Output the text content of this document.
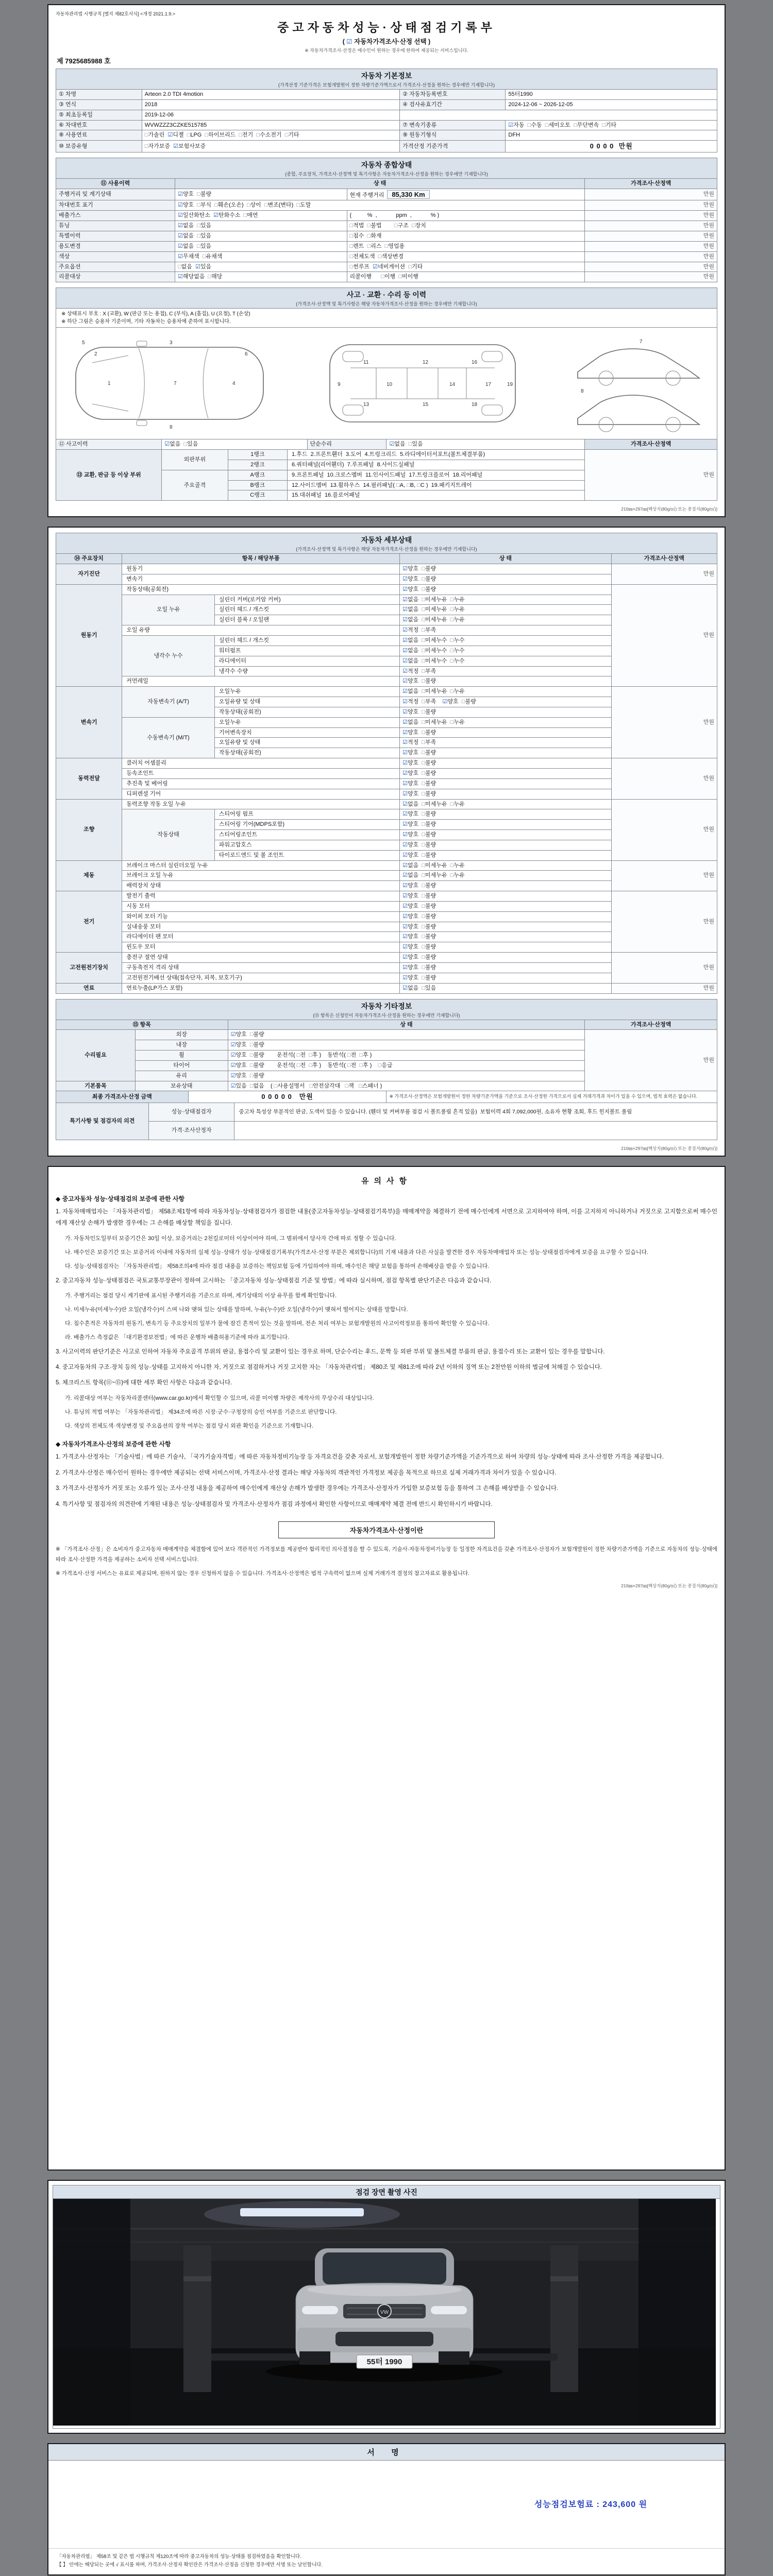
자동차관리법 시행규칙 [별지 제82호서식] <개정 2021.1.9.>
중고자동차성능·상태점검기록부
( ☑ 자동차가격조사·산정 선택 )
※ 자동차가격조사·산정은 매수인이 원하는 경우에 한하여 제공되는 서비스입니다.
제 7925685988 호
자동차 기본정보
(가격산정 기준가격은 보험개발원이 정한 차량기준가액으로서 가격조사·산정을 원하는 경우에만 기재합니다)
① 차명	Arteon 2.0 TDI 4motion	② 자동차등록번호	55터1990
③ 연식	2018	④ 검사유효기간	2024-12-06 ~ 2026-12-05
⑤ 최초등록일	2019-12-06		
⑥ 차대번호	WVWZZZ3CZKE515785	⑦ 변속기종류	☑자동  □수동  □세미오토  □무단변속  □기타
⑧ 사용연료	□가솔린  ☑디젤  □LPG  □하이브리드  □전기  □수소전기  □기타	⑨ 원동기형식	DFH
⑩ 보증유형	□자가보증  ☑보험사보증	가격산정 기준가격	0 0 0 0  만원
자동차 종합상태
(종합, 주요장치, 가격조사·산정액 및 특기사항은 자동차가격조사·산정을 원하는 경우에만 기재합니다)
⑪ 사용이력	상 태		가격조사·산정액
주행거리 및 계기상태	☑양호  □불량	현재 주행거리 85,330 Km	만원
차대번호 표기	☑양호  □부식  □훼손(오손)  □상이  □변조(변타)  □도말		만원
배출가스	☑일산화탄소  ☑탄화수소  □매연	(          %  ,            ppm  ,            % )	만원
튜닝	☑없음  □있음	□적법  □불법        □구조  □장치	만원
특별이력	☑없음  □있음	□침수  □화재	만원
용도변경	☑없음  □있음	□렌트  □리스  □영업용	만원
색상	☑무채색  □유채색	□전체도색  □색상변경	만원
주요옵션	□없음  ☑있음	□썬루프  ☑네비게이션  □기타	만원
리콜대상	☑해당없음  □해당	리콜이행      □이행  □미이행	만원
사고 · 교환 · 수리 등 이력
(가격조사·산정액 및 특기사항은 해당 자동차가격조사·산정을 원하는 경우에만 기재합니다)
※ 상태표시 부호 : X (교환), W (판금 또는 용접), C (부식), A (흠집), U (요철), T (손상)
※ 하단 그림은 승용차 기준이며, 기타 자동차는 승용차에 준하여 표시합니다.
1
2
3
4
5
6
7
8
9	10
11	12
13
14
15
16
17
18
19
7
8
⑫ 사고이력	☑없음  □있음	단순수리	☑없음  □있음	가격조사·산정액
⑬ 교환, 판금 등 이상 부위	외판부위	1랭크	1.후드  2.프론트휀더  3.도어  4.트렁크리드  5.라디에이터서포트(볼트체결부품)	만원
		2랭크	6.쿼터패널(리어휀더)  7.루프패널  8.사이드실패널	
	주요골격	A랭크	9.프론트패널  10.크로스멤버  11.인사이드패널  17.트렁크플로어  18.리어패널	
		B랭크	12.사이드멤버  13.휠하우스  14.필러패널( □A, □B, □C )  19.패키지트레이	
		C랭크	15.대쉬패널  16.플로어패널	
210㎜×297㎜[백상지(80g/㎡) 또는 중질지(80g/㎡)]
자동차 세부상태
(가격조사·산정액 및 특기사항은 해당 자동차가격조사·산정을 원하는 경우에만 기재합니다)
⑭ 주요장치	항목 / 해당부품		상 태	가격조사·산정액
자기진단	원동기		☑양호  □불량	만원
	변속기		☑양호  □불량	
원동기	작동상태(공회전)		☑양호  □불량	만원
	오일 누유	실린더 커버(로커암 커버)	☑없음  □미세누유  □누유	
		실린더 헤드 / 개스킷	☑없음  □미세누유  □누유	
		실린더 블록 / 오일팬	☑없음  □미세누유  □누유	
	오일 유량		☑적정  □부족	
	냉각수 누수	실린더 헤드 / 개스킷	☑없음  □미세누수  □누수	
		워터펌프	☑없음  □미세누수  □누수	
		라디에이터	☑없음  □미세누수  □누수	
		냉각수 수량	☑적정  □부족	
	커먼레일		☑양호  □불량	
변속기	자동변속기 (A/T)	오일누유	☑없음  □미세누유  □누유	만원
		오일유량 및 상태	☑적정  □부족    ☑양호  □불량	
		작동상태(공회전)	☑양호  □불량	
	수동변속기 (M/T)	오일누유	☑없음  □미세누유  □누유	
		기어변속장치	☑양호  □불량	
		오일유량 및 상태	☑적정  □부족	
		작동상태(공회전)	☑양호  □불량	
동력전달	클러치 어셈블리		☑양호  □불량	만원
	등속조인트		☑양호  □불량	
	추진축 및 베어링		☑양호  □불량	
	디퍼렌셜 기어		☑양호  □불량	
조향	동력조향 작동 오일 누유		☑없음  □미세누유  □누유	만원
	작동상태	스티어링 펌프	☑양호  □불량	
		스티어링 기어(MDPS포함)	☑양호  □불량	
		스티어링조인트	☑양호  □불량	
		파워고압호스	☑양호  □불량	
		타이로드엔드 및 볼 조인트	☑양호  □불량	
제동	브레이크 마스터 실린더오일 누유		☑없음  □미세누유  □누유	만원
	브레이크 오일 누유		☑없음  □미세누유  □누유	
	배력장치 상태		☑양호  □불량	
전기	발전기 출력		☑양호  □불량	만원
	시동 모터		☑양호  □불량	
	와이퍼 모터 기능		☑양호  □불량	
	실내송풍 모터		☑양호  □불량	
	라디에이터 팬 모터		☑양호  □불량	
	윈도우 모터		☑양호  □불량	
고전원전기장치	충전구 절연 상태		☑양호  □불량	만원
	구동축전지 격리 상태		☑양호  □불량	
	고전원전기배선 상태(접속단자, 피복, 보호기구)		☑양호  □불량	
연료	연료누출(LP가스 포함)		☑없음  □있음	만원
자동차 기타정보
(⑮ 항목은 신청인이 자동차가격조사·산정을 원하는 경우에만 기재합니다)
⑮ 항목		상 태	가격조사·산정액
수리필요	외장	☑양호  □불량	만원
	내장	☑양호  □불량	
	휠	☑양호  □불량        운전석( □전  □후 )    동반석( □전  □후 )	
	타이어	☑양호  □불량        운전석( □전  □후 )    동반석( □전  □후 )    □응급	
	유리	☑양호  □불량	
기본품목	보유상태	☑있음  □없음    ( □사용설명서   □안전삼각대   □잭   □스패너 )	
최종 가격조사·산정 금액	0 0 0 0 0   만원	※ 가격조사·산정액은 보험개발원이 정한 차량기준가액을 기준으로 조사·산정한 가격으로서 실제 거래가격과 차이가 있을 수 있으며, 법적 효력은 없습니다.
특기사항 및 점검자의 의견	성능·상태점검자	중고차 특성상 부분적인 판금, 도색이 있을 수 있습니다. (휀더 및 커버부품 점검 시 볼트풀림 흔적 있음)  보험이력 4회 7,092,000원, 소유자 현황 조회, 후드 힌지볼트 풀림
	가격·조사산정자	
210㎜×297㎜[백상지(80g/㎡) 또는 중질지(80g/㎡)]
유의사항
◆ 중고자동차 성능·상태점검의 보증에 관한 사항
1. 자동차매매업자는 「자동차관리법」 제58조제1항에 따라 자동차성능·상태점검자가 점검한 내용(중고자동차성능·상태점검기록부)을 매매계약을 체결하기 전에 매수인에게 서면으로 고지하여야 하며, 이를 고지하지 아니하거나 거짓으로 고지함으로써 매수인에게 재산상 손해가 발생한 경우에는 그 손해를 배상할 책임을 집니다.
가. 자동차인도일부터 보증기간은 30일 이상, 보증거리는 2천킬로미터 이상이어야 하며, 그 범위에서 당사자 간에 따로 정할 수 있습니다.
나. 매수인은 보증기간 또는 보증거리 이내에 자동차의 실제 성능·상태가 성능·상태점검기록부(가격조사·산정 부분은 제외합니다)의 기재 내용과 다른 사실을 발견한 경우 자동차매매업자 또는 성능·상태점검자에게 보증을 요구할 수 있습니다.
다. 성능·상태점검자는 「자동차관리법」 제58조의4에 따라 점검 내용을 보증하는 책임보험 등에 가입하여야 하며, 매수인은 해당 보험을 통하여 손해배상을 받을 수 있습니다.
2. 중고자동차 성능·상태점검은 국토교통부장관이 정하여 고시하는 「중고자동차 성능·상태점검 기준 및 방법」에 따라 실시하며, 점검 항목별 판단기준은 다음과 같습니다.
가. 주행거리는 점검 당시 계기판에 표시된 주행거리를 기준으로 하며, 계기상태의 이상 유무를 함께 확인합니다.
나. 미세누유(미세누수)란 오일(냉각수)이 스며 나와 맺혀 있는 상태를 말하며, 누유(누수)란 오일(냉각수)이 맺혀서 떨어지는 상태를 말합니다.
다. 침수흔적은 자동차의 원동기, 변속기 등 주요장치의 일부가 물에 잠긴 흔적이 있는 것을 말하며, 전손 처리 여부는 보험개발원의 사고이력정보를 통하여 확인할 수 있습니다.
라. 배출가스 측정값은 「대기환경보전법」에 따른 운행차 배출허용기준에 따라 표기합니다.
3. 사고이력의 판단기준은 사고로 인하여 자동차 주요골격 부위의 판금, 용접수리 및 교환이 있는 경우로 하며, 단순수리는 후드, 문짝 등 외판 부위 및 볼트체결 부품의 판금, 용접수리 또는 교환이 있는 경우를 말합니다.
4. 중고자동차의 구조·장치 등의 성능·상태를 고지하지 아니한 자, 거짓으로 점검하거나 거짓 고지한 자는 「자동차관리법」 제80조 및 제81조에 따라 2년 이하의 징역 또는 2천만원 이하의 벌금에 처해질 수 있습니다.
5. 체크리스트 항목(⑪~⑮)에 대한 세부 확인 사항은 다음과 같습니다.
가. 리콜대상 여부는 자동차리콜센터(www.car.go.kr)에서 확인할 수 있으며, 리콜 미이행 차량은 제작사의 무상수리 대상입니다.
나. 튜닝의 적법 여부는 「자동차관리법」 제34조에 따른 시장·군수·구청장의 승인 여부를 기준으로 판단합니다.
다. 색상의 전체도색·색상변경 및 주요옵션의 장착 여부는 점검 당시 외관 확인을 기준으로 기재합니다.
◆ 자동차가격조사·산정의 보증에 관한 사항
1. 가격조사·산정자는 「기술사법」에 따른 기술사, 「국가기술자격법」에 따른 자동차정비기능장 등 자격요건을 갖춘 자로서, 보험개발원이 정한 차량기준가액을 기준가격으로 하여 차량의 성능·상태에 따라 조사·산정한 가격을 제공합니다.
2. 가격조사·산정은 매수인이 원하는 경우에만 제공되는 선택 서비스이며, 가격조사·산정 결과는 해당 자동차의 객관적인 가격정보 제공을 목적으로 하므로 실제 거래가격과 차이가 있을 수 있습니다.
3. 가격조사·산정자가 거짓 또는 오류가 있는 조사·산정 내용을 제공하여 매수인에게 재산상 손해가 발생한 경우에는 가격조사·산정자가 가입한 보증보험 등을 통하여 그 손해를 배상받을 수 있습니다.
4. 특기사항 및 점검자의 의견란에 기재된 내용은 성능·상태점검자 및 가격조사·산정자가 점검 과정에서 확인한 사항이므로 매매계약 체결 전에 반드시 확인하시기 바랍니다.
자동차가격조사·산정이란
※ 「가격조사·산정」은 소비자가 중고자동차 매매계약을 체결함에 있어 보다 객관적인 가격정보를 제공받아 합리적인 의사결정을 할 수 있도록, 기술사·자동차정비기능장 등 일정한 자격요건을 갖춘 가격조사·산정자가 보험개발원이 정한 차량기준가액을 기준으로 자동차의 성능·상태에 따라 조사·산정한 가격을 제공하는 소비자 선택 서비스입니다.
※ 가격조사·산정 서비스는 유료로 제공되며, 원하지 않는 경우 신청하지 않을 수 있습니다. 가격조사·산정액은 법적 구속력이 없으며 실제 거래가격 결정의 참고자료로 활용됩니다.
210㎜×297㎜[백상지(80g/㎡) 또는 중질지(80g/㎡)]
점검 장면 촬영 사진
VW
55터 1990
서 명
성능점검보험료 : 243,600 원
「자동차관리법」 제58조 및 같은 법 시행규칙 제120조에 따라 중고자동차의 성능·상태를 점검하였음을 확인합니다.
【 】 안에는 해당되는 곳에 √ 표시를 하며, 가격조사·산정자 확인란은 가격조사·산정을 신청한 경우에만 서명 또는 날인합니다.
